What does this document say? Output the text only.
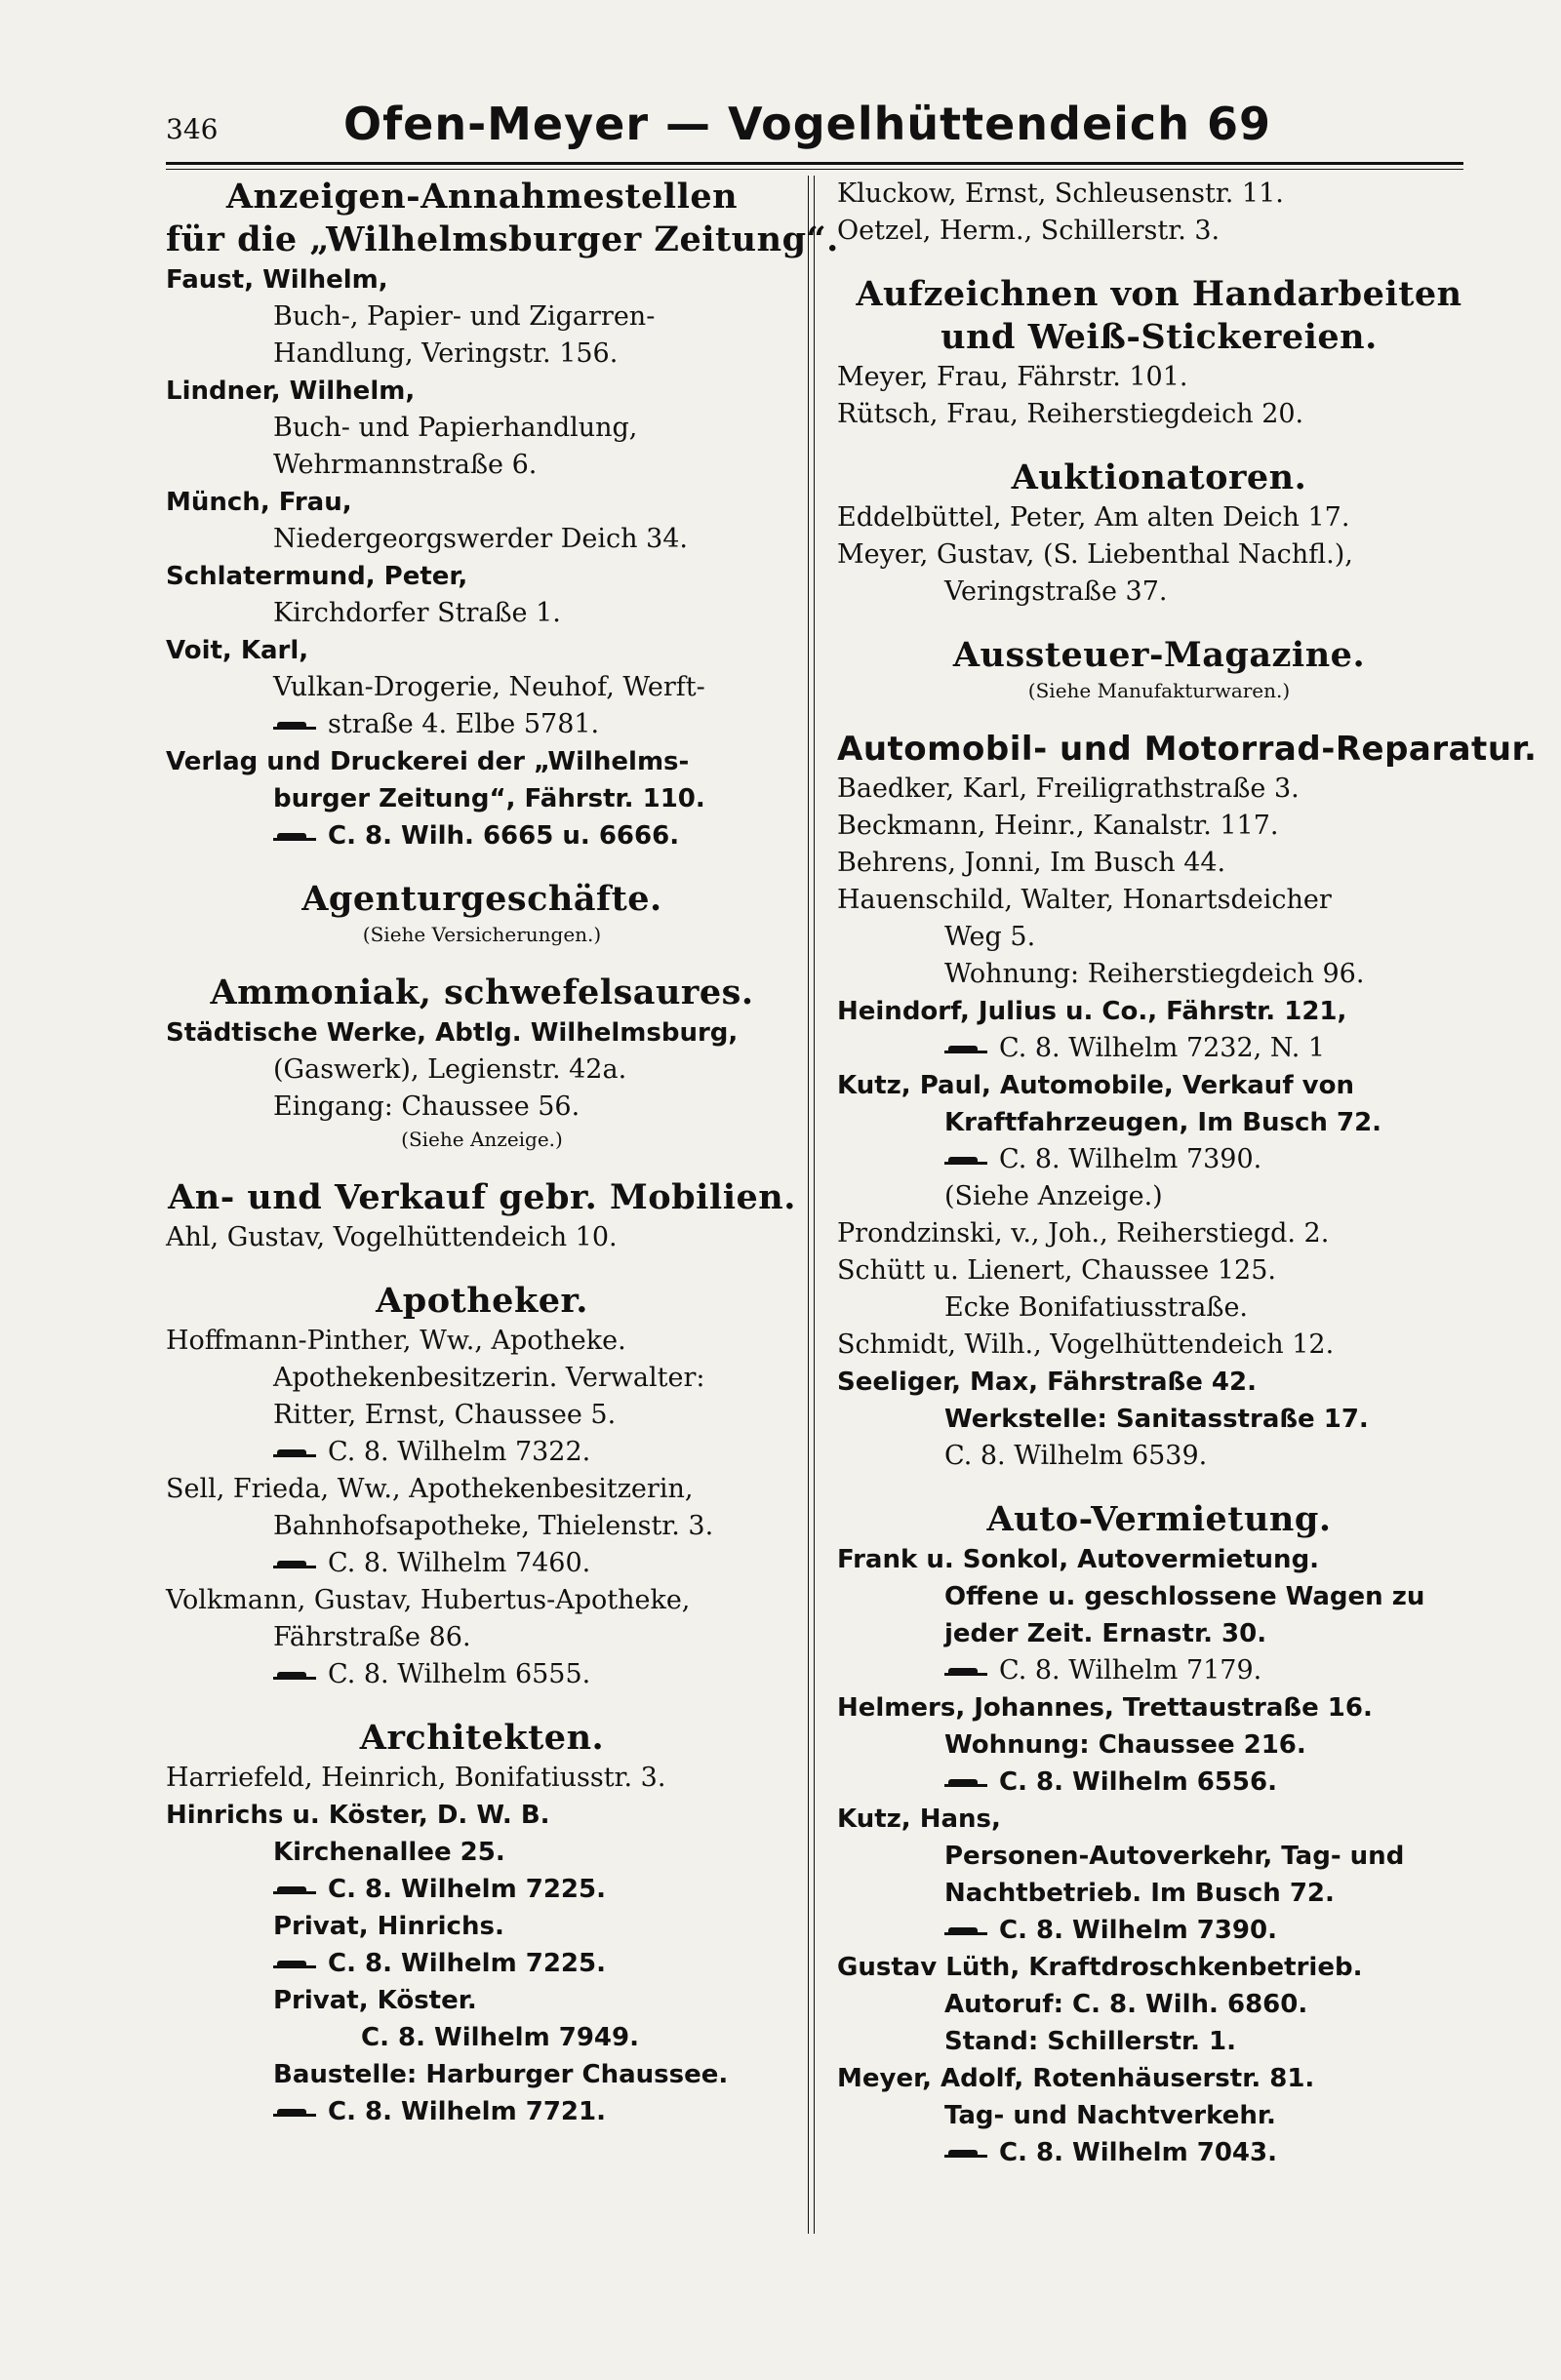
346	Ofen-Meyer — Vogelhüttendeich 69
Anzeigen-Annahmestellen
für die „Wilhelmsburger Zeitung“.
Faust, Wilhelm,
Buch-, Papier- und Zigarren-
Handlung, Veringstr. 156.
Lindner, Wilhelm,
Buch- und Papierhandlung,
Wehrmannstraße 6.
Münch, Frau,
Niedergeorgswerder Deich 34.
Schlatermund, Peter,
Kirchdorfer Straße 1.
Voit, Karl,
Vulkan-Drogerie, Neuhof, Werft-
straße 4. Elbe 5781.
Verlag und Druckerei der „Wilhelms-
burger Zeitung“, Fährstr. 110.
C. 8. Wilh. 6665 u. 6666.
Agenturgeschäfte.
(Siehe Versicherungen.)
Ammoniak, schwefelsaures.
Städtische Werke, Abtlg. Wilhelmsburg,
(Gaswerk), Legienstr. 42a.
Eingang: Chaussee 56.
(Siehe Anzeige.)
An- und Verkauf gebr. Mobilien.
Ahl, Gustav, Vogelhüttendeich 10.
Apotheker.
Hoffmann-Pinther, Ww., Apotheke.
Apothekenbesitzerin. Verwalter:
Ritter, Ernst, Chaussee 5.
C. 8. Wilhelm 7322.
Sell, Frieda, Ww., Apothekenbesitzerin,
Bahnhofsapotheke, Thielenstr. 3.
C. 8. Wilhelm 7460.
Volkmann, Gustav, Hubertus-Apotheke,
Fährstraße 86.
C. 8. Wilhelm 6555.
Architekten.
Harriefeld, Heinrich, Bonifatiusstr. 3.
Hinrichs u. Köster, D. W. B.
Kirchenallee 25.
C. 8. Wilhelm 7225.
Privat, Hinrichs.
C. 8. Wilhelm 7225.
Privat, Köster.
C. 8. Wilhelm 7949.
Baustelle: Harburger Chaussee.
C. 8. Wilhelm 7721.
Kluckow, Ernst, Schleusenstr. 11.
Oetzel, Herm., Schillerstr. 3.
Aufzeichnen von Handarbeiten
und Weiß-Stickereien.
Meyer, Frau, Fährstr. 101.
Rütsch, Frau, Reiherstiegdeich 20.
Auktionatoren.
Eddelbüttel, Peter, Am alten Deich 17.
Meyer, Gustav, (S. Liebenthal Nachfl.),
Veringstraße 37.
Aussteuer-Magazine.
(Siehe Manufakturwaren.)
Automobil- und Motorrad-Reparatur.
Baedker, Karl, Freiligrathstraße 3.
Beckmann, Heinr., Kanalstr. 117.
Behrens, Jonni, Im Busch 44.
Hauenschild, Walter, Honartsdeicher
Weg 5.
Wohnung: Reiherstiegdeich 96.
Heindorf, Julius u. Co., Fährstr. 121,
C. 8. Wilhelm 7232, N. 1
Kutz, Paul, Automobile, Verkauf von
Kraftfahrzeugen, Im Busch 72.
C. 8. Wilhelm 7390.
(Siehe Anzeige.)
Prondzinski, v., Joh., Reiherstiegd. 2.
Schütt u. Lienert, Chaussee 125.
Ecke Bonifatiusstraße.
Schmidt, Wilh., Vogelhüttendeich 12.
Seeliger, Max, Fährstraße 42.
Werkstelle: Sanitasstraße 17.
C. 8. Wilhelm 6539.
Auto-Vermietung.
Frank u. Sonkol, Autovermietung.
Offene u. geschlossene Wagen zu
jeder Zeit. Ernastr. 30.
C. 8. Wilhelm 7179.
Helmers, Johannes, Trettaustraße 16.
Wohnung: Chaussee 216.
C. 8. Wilhelm 6556.
Kutz, Hans,
Personen-Autoverkehr, Tag- und
Nachtbetrieb. Im Busch 72.
C. 8. Wilhelm 7390.
Gustav Lüth, Kraftdroschkenbetrieb.
Autoruf: C. 8. Wilh. 6860.
Stand: Schillerstr. 1.
Meyer, Adolf, Rotenhäuserstr. 81.
Tag- und Nachtverkehr.
C. 8. Wilhelm 7043.
